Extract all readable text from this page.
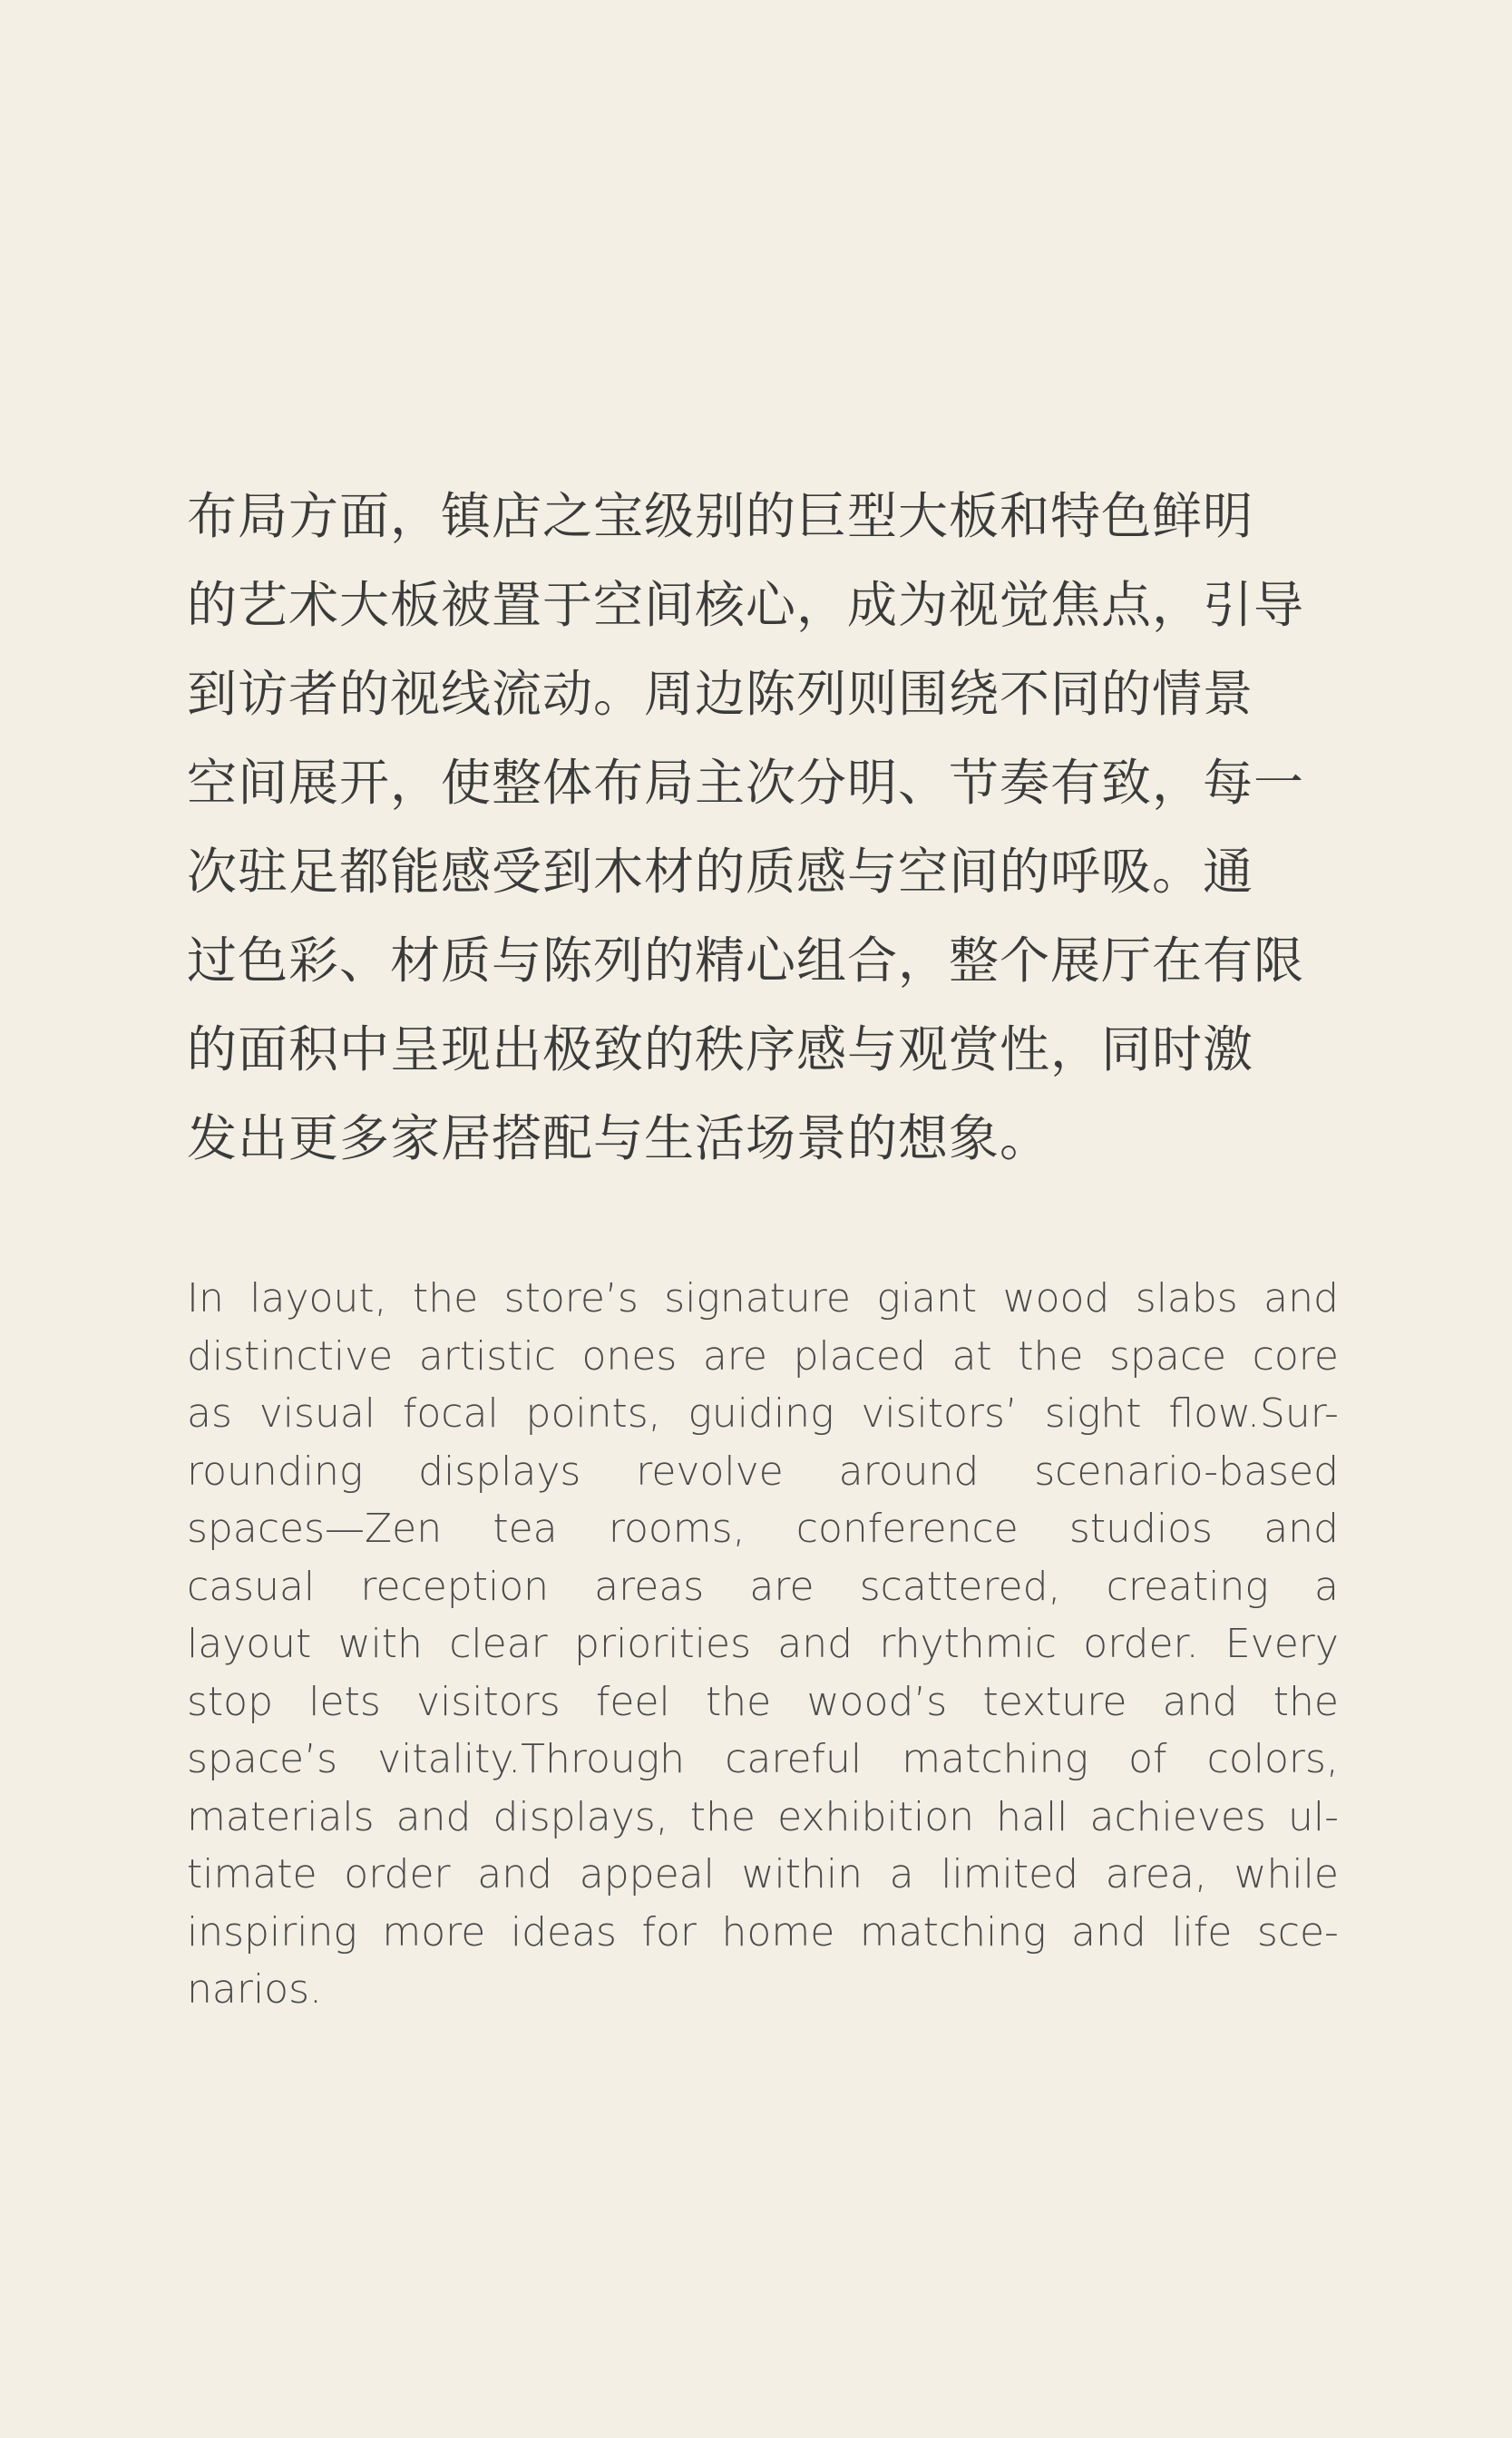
布局方面，镇店之宝级别的巨型大板和特色鲜明
的艺术大板被置于空间核心，成为视觉焦点，引导
到访者的视线流动。周边陈列则围绕不同的情景
空间展开，使整体布局主次分明、节奏有致，每一
次驻足都能感受到木材的质感与空间的呼吸。通
过色彩、材质与陈列的精心组合，整个展厅在有限
的面积中呈现出极致的秩序感与观赏性，同时激
发出更多家居搭配与生活场景的想象。
In layout, the store’s signature giant wood slabs and
distinctive artistic ones are placed at the space core
as visual focal points, guiding visitors’ sight flow.Sur-
rounding displays revolve around scenario-based
spaces—Zen tea rooms, conference studios and
casual reception areas are scattered, creating a
layout with clear priorities and rhythmic order. Every
stop lets visitors feel the wood’s texture and the
space’s vitality.Through careful matching of colors,
materials and displays, the exhibition hall achieves ul-
timate order and appeal within a limited area, while
inspiring more ideas for home matching and life sce-
narios.
